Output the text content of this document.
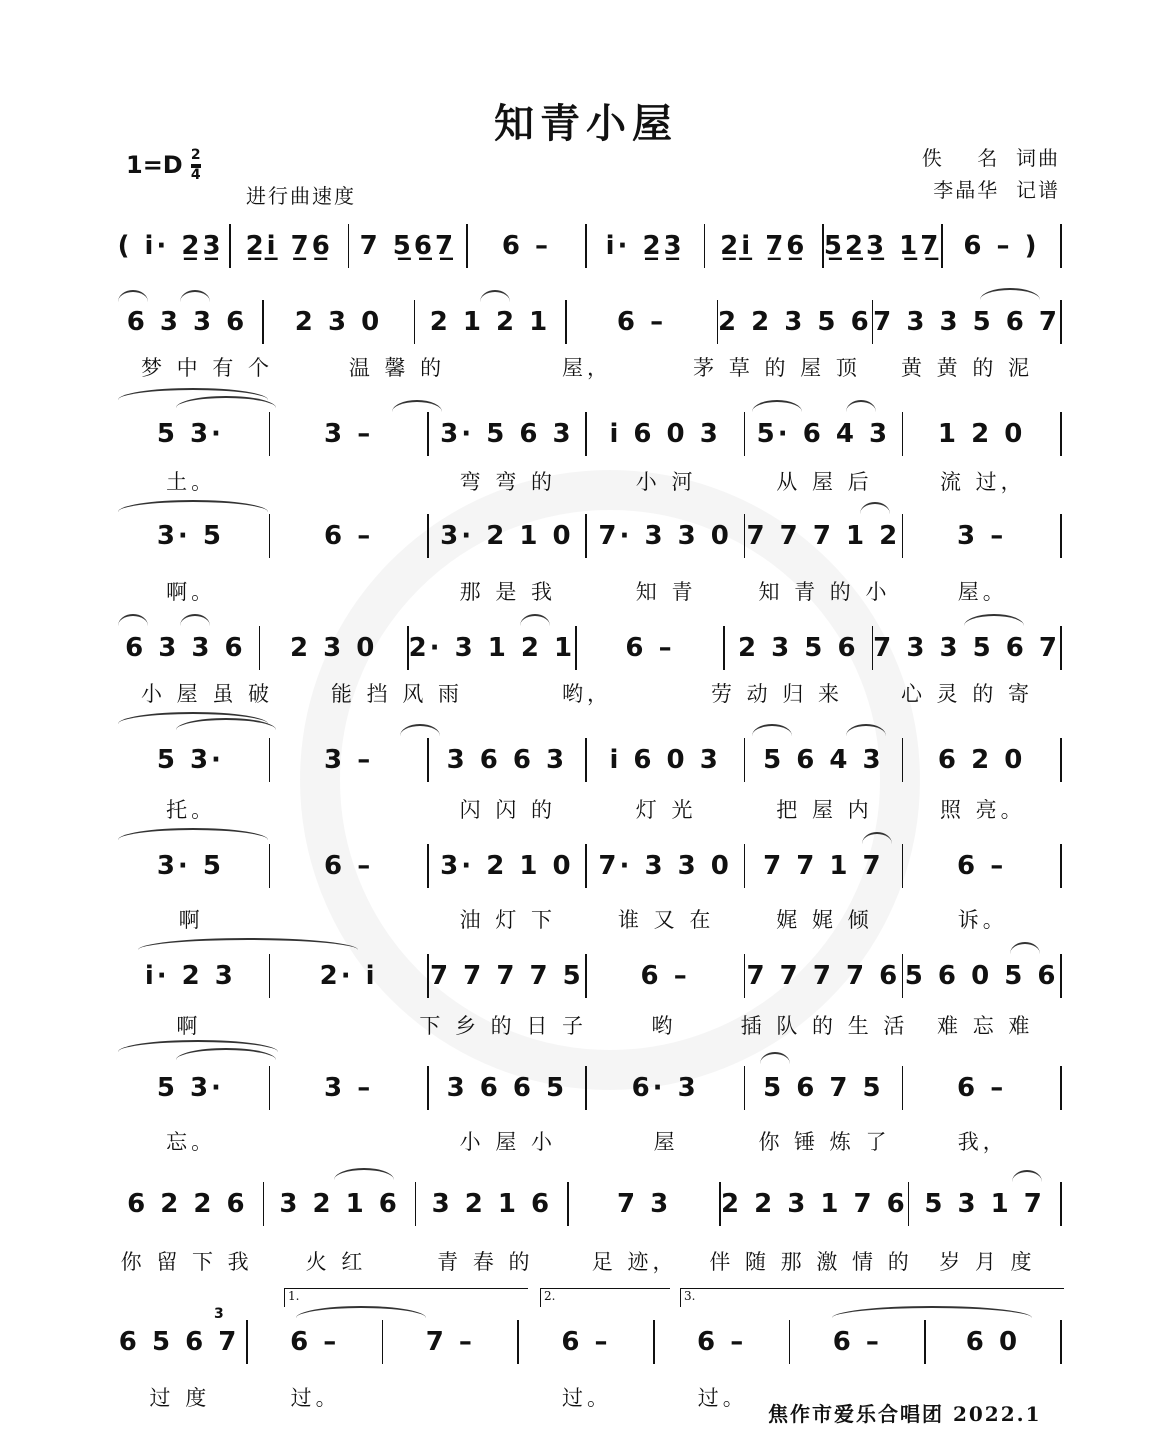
知青小屋
$1=D \frac{2}{4}$
进行曲速度
佚    名  词曲
李晶华  记谱
( i· 2̲3̲ 2̲i̲ 7̲6̲	7 5̲6̲7̲	6 –	i· 2̲3̲	2̲i̲ 7̲6̲ 5̲2̲3̲ 1̲7̲ 6 – )
6 3 3 6	2 3 0	2 1 2 1	6 –	2 2 3 5 6 7 3 3 5 6 7
梦 中 有 个	温 馨 的	屋，	茅 草 的 屋 顶	黄 黄 的 泥
5 3·	3 –	3· 5 6 3	i 6 0 3	5· 6 4 3	1 2 0
土。	弯 弯 的	小 河	从 屋 后	流 过，
3· 5	6 –	3· 2 1 0 7· 3 3 0 7 7 7 1 2	3 –
啊。	那 是 我	知 青	知 青 的 小	屋。
6 3 3 6	2 3 0	2· 3 1 2 1	6 –	2 3 5 6 7 3 3 5 6 7
小 屋 虽 破	能 挡 风 雨	哟，	劳 动 归 来	心 灵 的 寄
5 3·	3 –	3 6 6 3	i 6 0 3	5 6 4 3	6 2 0
托。	闪 闪 的	灯 光	把 屋 内	照 亮。
3· 5	6 –	3· 2 1 0 7· 3 3 0	7 7 1 7	6 –
啊	油 灯 下	谁 又 在	娓 娓 倾	诉。
i· 2 3	2· i	7 7 7 7 5	6 –	7 7 7 7 6 5 6 0 5 6
啊	下 乡 的 日 子	哟	插 队 的 生 活	难 忘 难
5 3·	3 –	3 6 6 5	6· 3	5 6 7 5	6 –
忘。	小 屋 小	屋	你 锤 炼 了	我，
6 2 2 6	3 2 1 6	3 2 1 6	7 3	2 2 3 1 7 6 5 3 1 7
你 留 下 我	火 红	青 春 的	足 迹，	伴 随 那 激 情 的	岁 月 度
6 5 6 7	6 –	7 –	6 –	6 –	6 –	6 0
过 度	过。	过。	过。
焦作市爱乐合唱团 2022.1
1.	2.	3.
3
